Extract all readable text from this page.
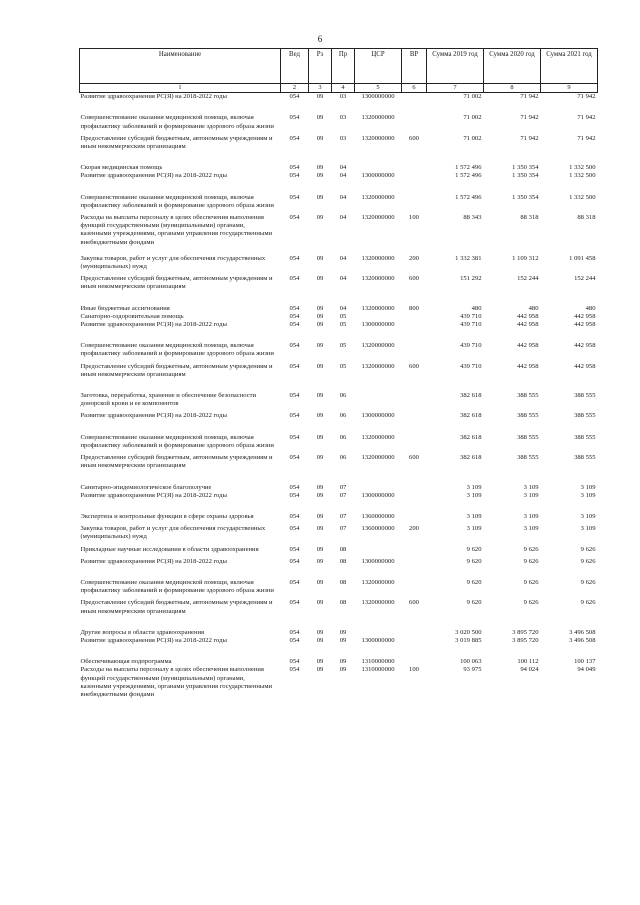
6
Наименование	Вед	Рз	Пр	ЦСР	ВР	Сумма 2019 год	Сумма 2020 год	Сумма 2021 год
1	2	3	4	5	6	7	8	9
Развитие здравоохранения РС(Я) на 2018-2022 годы	054	09	03	1300000000		71 002	71 942	71 942
Совершенствование оказания медицинской помощи, включая профилактику заболеваний и формирование здорового образа жизни	054	09	03	1320000000		71 002	71 942	71 942
Предоставление субсидий бюджетным, автономным учреждениям и иным некоммерческим организациям	054	09	03	1320000000	600	71 002	71 942	71 942
Скорая медицинская помощь	054	09	04			1 572 496	1 350 354	1 332 500
Развитие здравоохранения РС(Я) на 2018-2022 годы	054	09	04	1300000000		1 572 496	1 350 354	1 332 500
Совершенствование оказания медицинской помощи, включая профилактику заболеваний и формирование здорового образа жизни	054	09	04	1320000000		1 572 496	1 350 354	1 332 500
Расходы на выплаты персоналу в целях обеспечения выполнения функций государственными (муниципальными) органами, казенными учреждениями, органами управления государственными внебюджетными фондами	054	09	04	1320000000	100	88 343	88 318	88 318
Закупка товаров, работ и услуг для обеспечения государственных (муниципальных) нужд	054	09	04	1320000000	200	1 332 381	1 109 312	1 091 458
Предоставление субсидий бюджетным, автономным учреждениям и иным некоммерческим организациям	054	09	04	1320000000	600	151 292	152 244	152 244
Иные бюджетные ассигнования	054	09	04	1320000000	800	480	480	480
Санаторно-оздоровительная помощь	054	09	05			439 710	442 958	442 958
Развитие здравоохранения РС(Я) на 2018-2022 годы	054	09	05	1300000000		439 710	442 958	442 958
Совершенствование оказания медицинской помощи, включая профилактику заболеваний и формирование здорового образа жизни	054	09	05	1320000000		439 710	442 958	442 958
Предоставление субсидий бюджетным, автономным учреждениям и иным некоммерческим организациям	054	09	05	1320000000	600	439 710	442 958	442 958
Заготовка, переработка, хранение и обеспечение безопасности донорской крови и ее компонентов	054	09	06			382 618	388 555	388 555
Развитие здравоохранения РС(Я) на 2018-2022 годы	054	09	06	1300000000		382 618	388 555	388 555
Совершенствование оказания медицинской помощи, включая профилактику заболеваний и формирование здорового образа жизни	054	09	06	1320000000		382 618	388 555	388 555
Предоставление субсидий бюджетным, автономным учреждениям и иным некоммерческим организациям	054	09	06	1320000000	600	382 618	388 555	388 555
Санитарно-эпидемиологическое благополучие	054	09	07			3 109	3 109	3 109
Развитие здравоохранения РС(Я) на 2018-2022 годы	054	09	07	1300000000		3 109	3 109	3 109
Экспертиза и контрольные функции в сфере охраны здоровья	054	09	07	1360000000		3 109	3 109	3 109
Закупка товаров, работ и услуг для обеспечения государственных (муниципальных) нужд	054	09	07	1360000000	200	3 109	3 109	3 109
Прикладные научные исследования в области здравоохранения	054	09	08			9 620	9 626	9 626
Развитие здравоохранения РС(Я) на 2018-2022 годы	054	09	08	1300000000		9 620	9 626	9 626
Совершенствование оказания медицинской помощи, включая профилактику заболеваний и формирование здорового образа жизни	054	09	08	1320000000		9 620	9 626	9 626
Предоставление субсидий бюджетным, автономным учреждениям и иным некоммерческим организациям	054	09	08	1320000000	600	9 620	9 626	9 626
Другие вопросы в области здравоохранения	054	09	09			3 020 500	3 895 720	3 496 508
Развитие здравоохранения РС(Я) на 2018-2022 годы	054	09	09	1300000000		3 019 885	3 895 720	3 496 508
Обеспечивающая подпрограмма	054	09	09	1310000000		100 063	100 112	100 137
Расходы на выплаты персоналу в целях обеспечения выполнения функций государственными (муниципальными) органами, казенными учреждениями, органами управления государственными внебюджетными фондами	054	09	09	1310000000	100	93 975	94 024	94 049
